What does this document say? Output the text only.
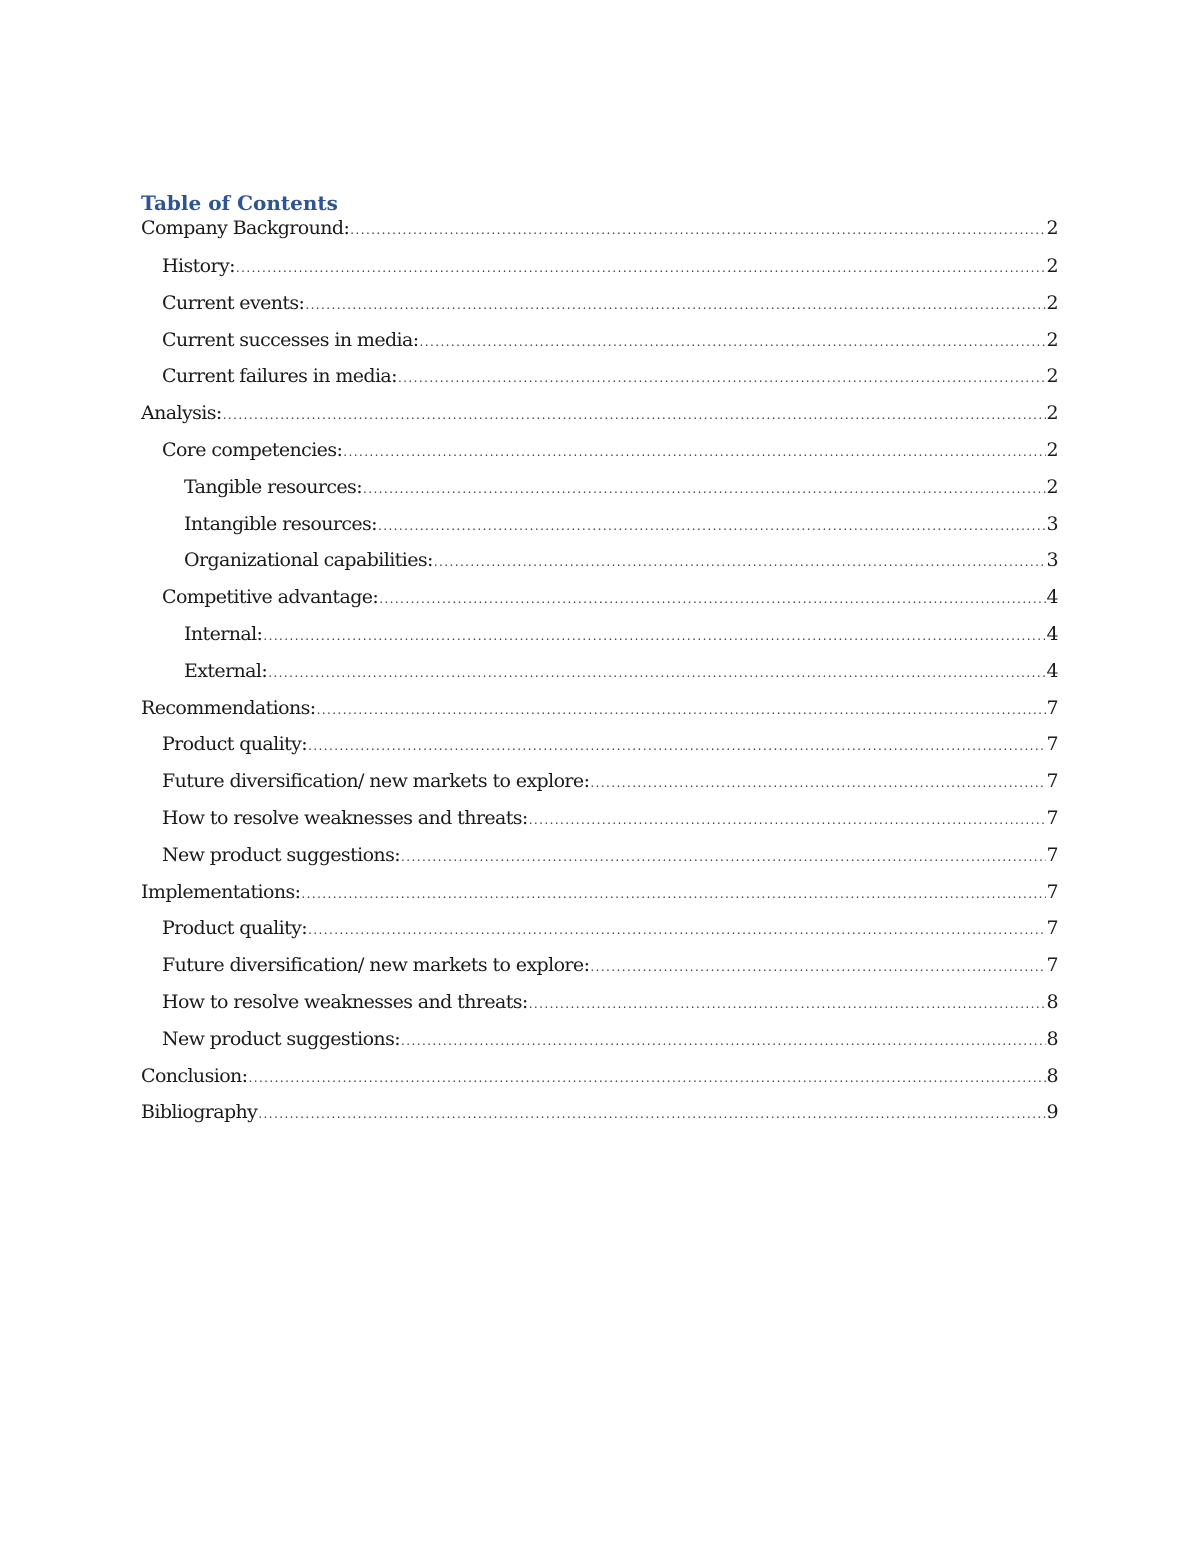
Table of Contents
Company Background: . . .	2
History: . . .	2
Current events: . . .	2
Current successes in media: . . .	2
Current failures in media: . . .	2
Analysis: . . .	2
Core competencies: . . .	2
Tangible resources: . . .	2
Intangible resources: . . .	3
Organizational capabilities: . . .	3
Competitive advantage: . . .	4
Internal: . . .	4
External: . . .	4
Recommendations: . . .	7
Product quality: . . .	7
Future diversification/ new markets to explore: . . .	7
How to resolve weaknesses and threats: . . .	7
New product suggestions: . . .	7
Implementations: . . .	7
Product quality: . . .	7
Future diversification/ new markets to explore: . . .	7
How to resolve weaknesses and threats: . . .	8
New product suggestions: . . .	8
Conclusion: . . .	8
Bibliography . . .	9
